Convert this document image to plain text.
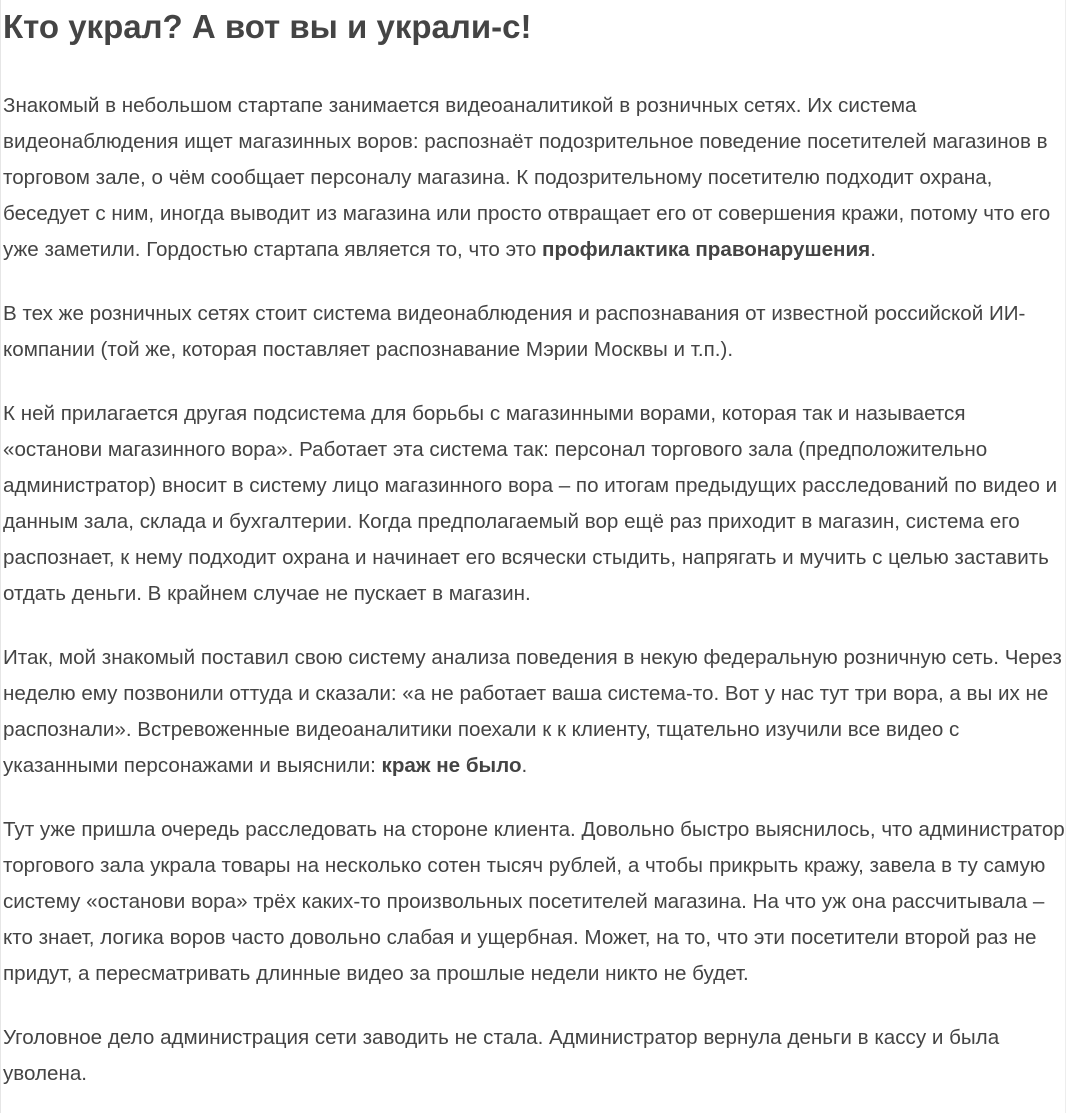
Кто украл? А вот вы и украли-с!

Знакомый в небольшом стартапе занимается видеоаналитикой в розничных сетях. Их система видеонаблюдения ищет магазинных воров: распознаёт подозрительное поведение посетителей магазинов в торговом зале, о чём сообщает персоналу магазина. К подозрительному посетителю подходит охрана, беседует с ним, иногда выводит из магазина или просто отвращает его от совершения кражи, потому что его уже заметили. Гордостью стартапа является то, что это профилактика правонарушения.

В тех же розничных сетях стоит система видеонаблюдения и распознавания от известной российской ИИ-компании (той же, которая поставляет распознавание Мэрии Москвы и т.п.).

К ней прилагается другая подсистема для борьбы с магазинными ворами, которая так и называется «останови магазинного вора». Работает эта система так: персонал торгового зала (предположительно администратор) вносит в систему лицо магазинного вора – по итогам предыдущих расследований по видео и данным зала, склада и бухгалтерии. Когда предполагаемый вор ещё раз приходит в магазин, система его распознает, к нему подходит охрана и начинает его всячески стыдить, напрягать и мучить с целью заставить отдать деньги. В крайнем случае не пускает в магазин.

Итак, мой знакомый поставил свою систему анализа поведения в некую федеральную розничную сеть. Через неделю ему позвонили оттуда и сказали: «а не работает ваша система-то. Вот у нас тут три вора, а вы их не распознали». Встревоженные видеоаналитики поехали к к клиенту, тщательно изучили все видео с указанными персонажами и выяснили: краж не было.

Тут уже пришла очередь расследовать на стороне клиента. Довольно быстро выяснилось, что администратор торгового зала украла товары на несколько сотен тысяч рублей, а чтобы прикрыть кражу, завела в ту самую систему «останови вора» трёх каких-то произвольных посетителей магазина. На что уж она рассчитывала – кто знает, логика воров часто довольно слабая и ущербная. Может, на то, что эти посетители второй раз не придут, а пересматривать длинные видео за прошлые недели никто не будет.

Уголовное дело администрация сети заводить не стала. Администратор вернула деньги в кассу и была уволена.
